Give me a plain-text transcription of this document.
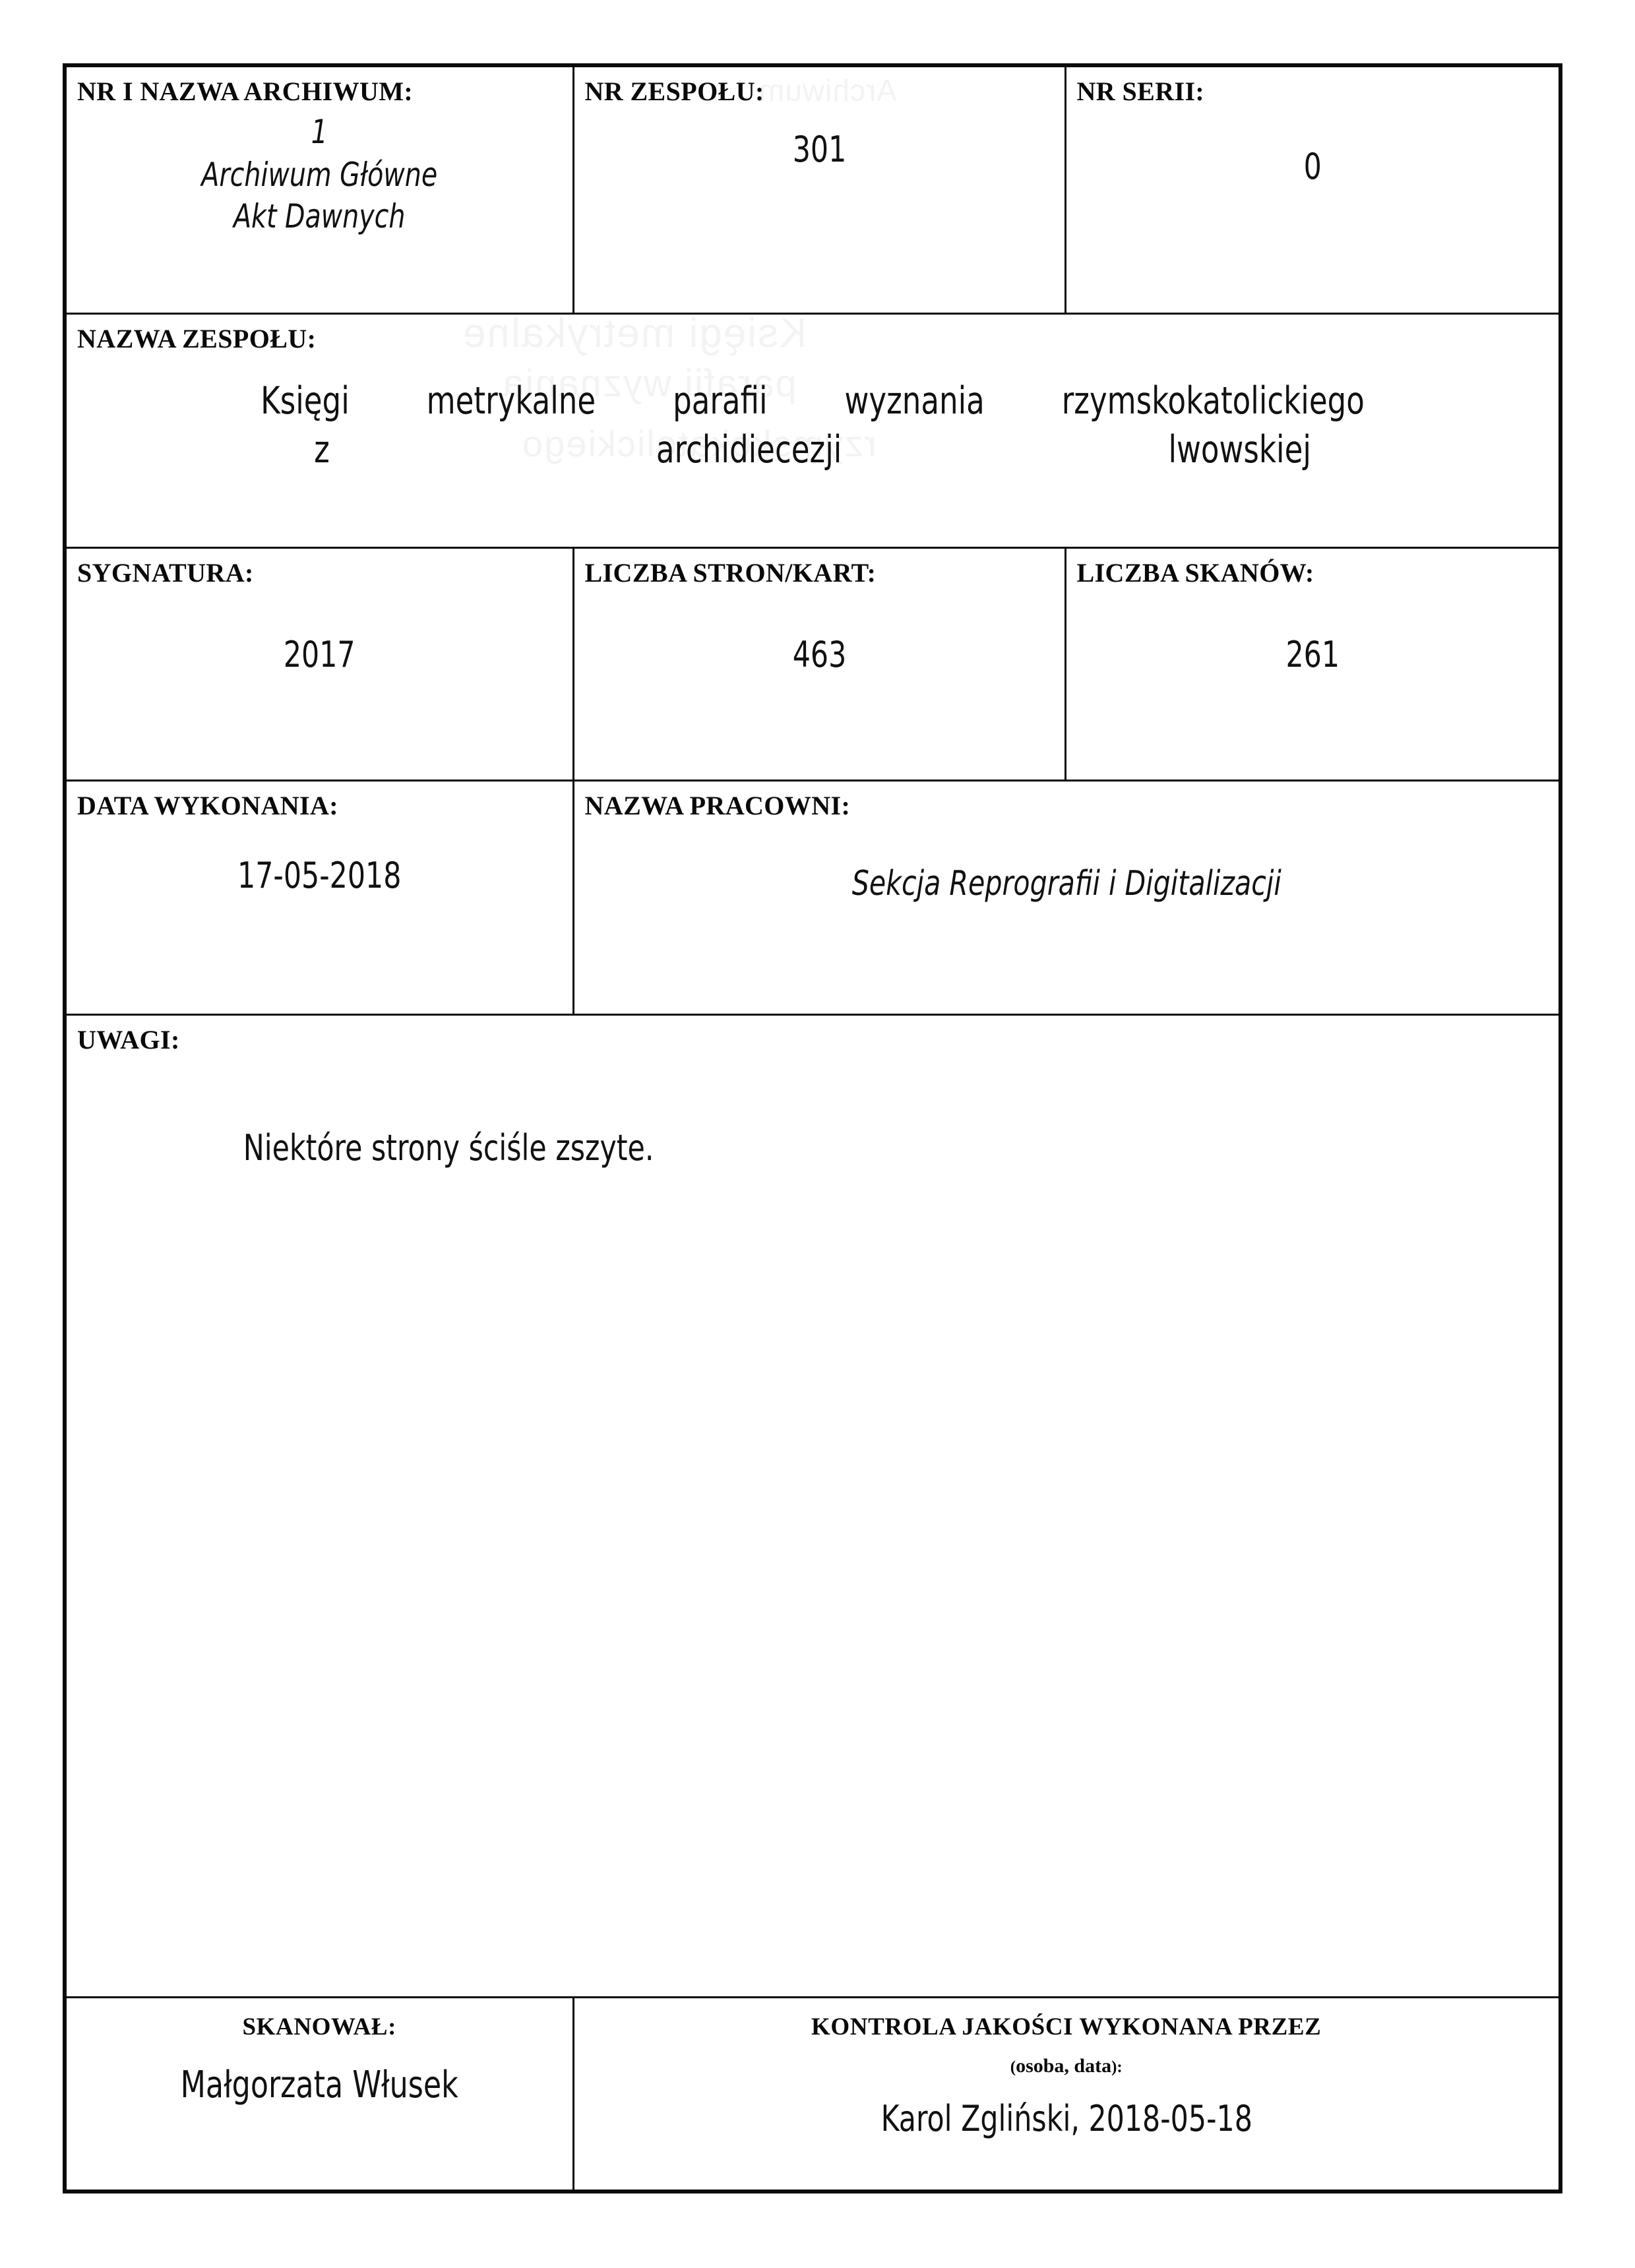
NR I NAZWA ARCHIWUM:
1
Archiwum Główne
Akt Dawnych

NR ZESPOŁU:
301

NR SERII:
0

NAZWA ZESPOŁU:
Księgi metrykalne parafii wyznania rzymskokatolickiego
z archidiecezji lwowskiej		

SYGNATURA:
2017	LICZBA STRON/KART:
463	LICZBA SKANÓW:
261

DATA WYKONANIA:
17-05-2018	NAZWA PRACOWNI:
Sekcja Reprografii i Digitalizacji	

UWAGI:
Niektóre strony ściśle zszyte.		

SKANOWAŁ:
Małgorzata Włusek	KONTROLA JAKOŚCI WYKONANA PRZEZ
(osoba, data):
Karol Zgliński, 2018-05-18	
